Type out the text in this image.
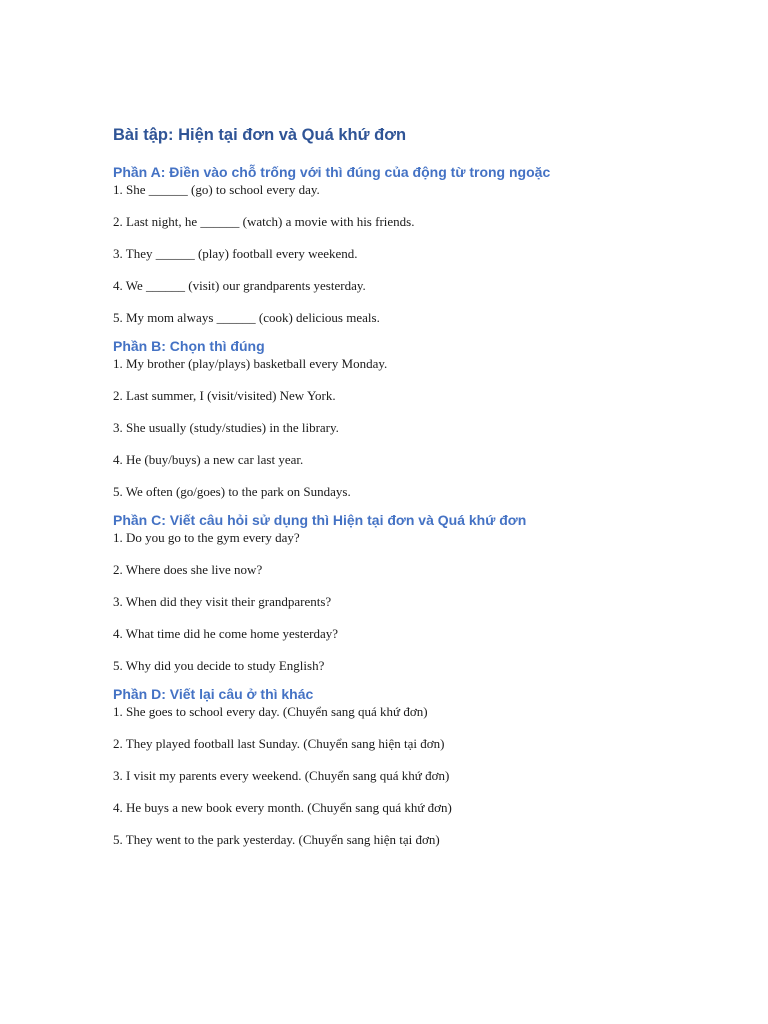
Bài tập: Hiện tại đơn và Quá khứ đơn
Phần A: Điền vào chỗ trống với thì đúng của động từ trong ngoặc

1. She ______ (go) to school every day.

2. Last night, he ______ (watch) a movie with his friends.

3. They ______ (play) football every weekend.

4. We ______ (visit) our grandparents yesterday.

5. My mom always ______ (cook) delicious meals.

Phần B: Chọn thì đúng

1. My brother (play/plays) basketball every Monday.

2. Last summer, I (visit/visited) New York.

3. She usually (study/studies) in the library.

4. He (buy/buys) a new car last year.

5. We often (go/goes) to the park on Sundays.

Phần C: Viết câu hỏi sử dụng thì Hiện tại đơn và Quá khứ đơn

1. Do you go to the gym every day?

2. Where does she live now?

3. When did they visit their grandparents?

4. What time did he come home yesterday?

5. Why did you decide to study English?

Phần D: Viết lại câu ở thì khác

1. She goes to school every day. (Chuyển sang quá khứ đơn)

2. They played football last Sunday. (Chuyển sang hiện tại đơn)

3. I visit my parents every weekend. (Chuyển sang quá khứ đơn)

4. He buys a new book every month. (Chuyển sang quá khứ đơn)

5. They went to the park yesterday. (Chuyển sang hiện tại đơn)
